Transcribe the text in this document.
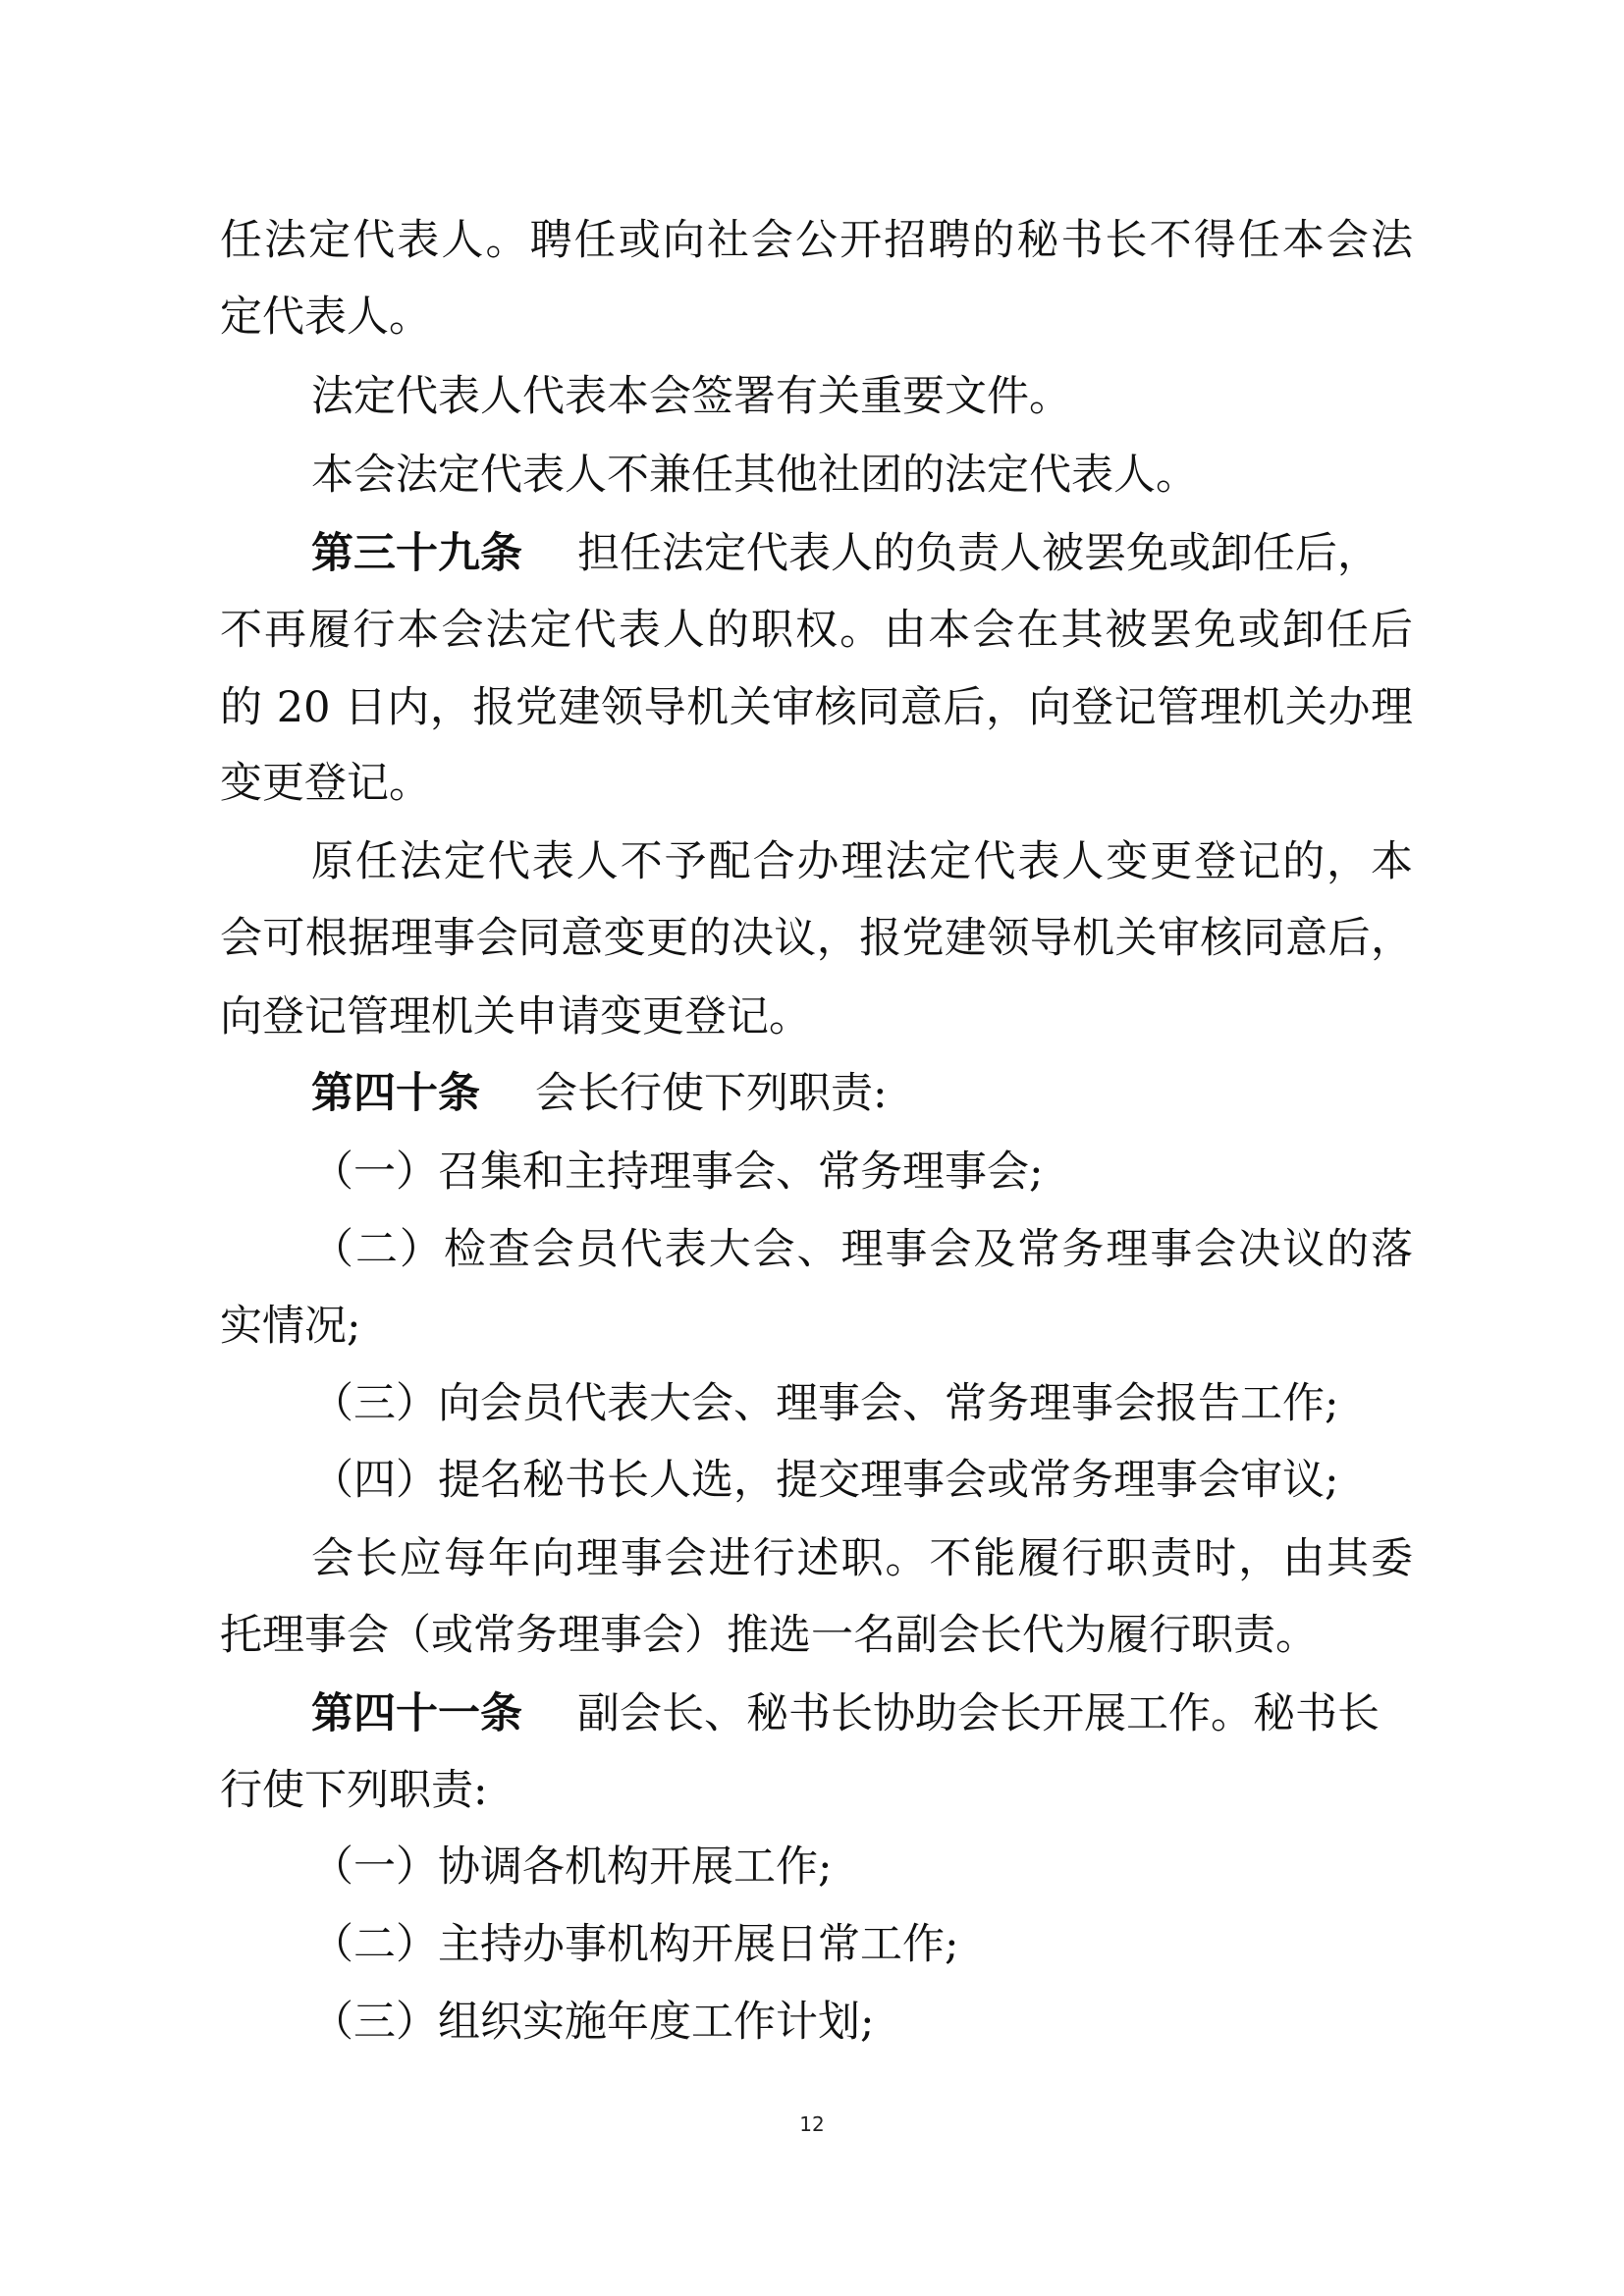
任法定代表人。聘任或向社会公开招聘的秘书长不得任本会法
定代表人。
法定代表人代表本会签署有关重要文件。
本会法定代表人不兼任其他社团的法定代表人。
第三十九条 担任法定代表人的负责人被罢免或卸任后，
不再履行本会法定代表人的职权。由本会在其被罢免或卸任后
的 20 日内，报党建领导机关审核同意后，向登记管理机关办理
变更登记。
原任法定代表人不予配合办理法定代表人变更登记的，本
会可根据理事会同意变更的决议，报党建领导机关审核同意后，
向登记管理机关申请变更登记。
第四十条 会长行使下列职责:
（一）召集和主持理事会、常务理事会;
（二）检查会员代表大会、理事会及常务理事会决议的落
实情况;
（三）向会员代表大会、理事会、常务理事会报告工作;
（四）提名秘书长人选，提交理事会或常务理事会审议;
会长应每年向理事会进行述职。不能履行职责时，由其委
托理事会（或常务理事会）推选一名副会长代为履行职责。
第四十一条 副会长、秘书长协助会长开展工作。秘书长
行使下列职责:
（一）协调各机构开展工作;
（二）主持办事机构开展日常工作;
（三）组织实施年度工作计划;
12
